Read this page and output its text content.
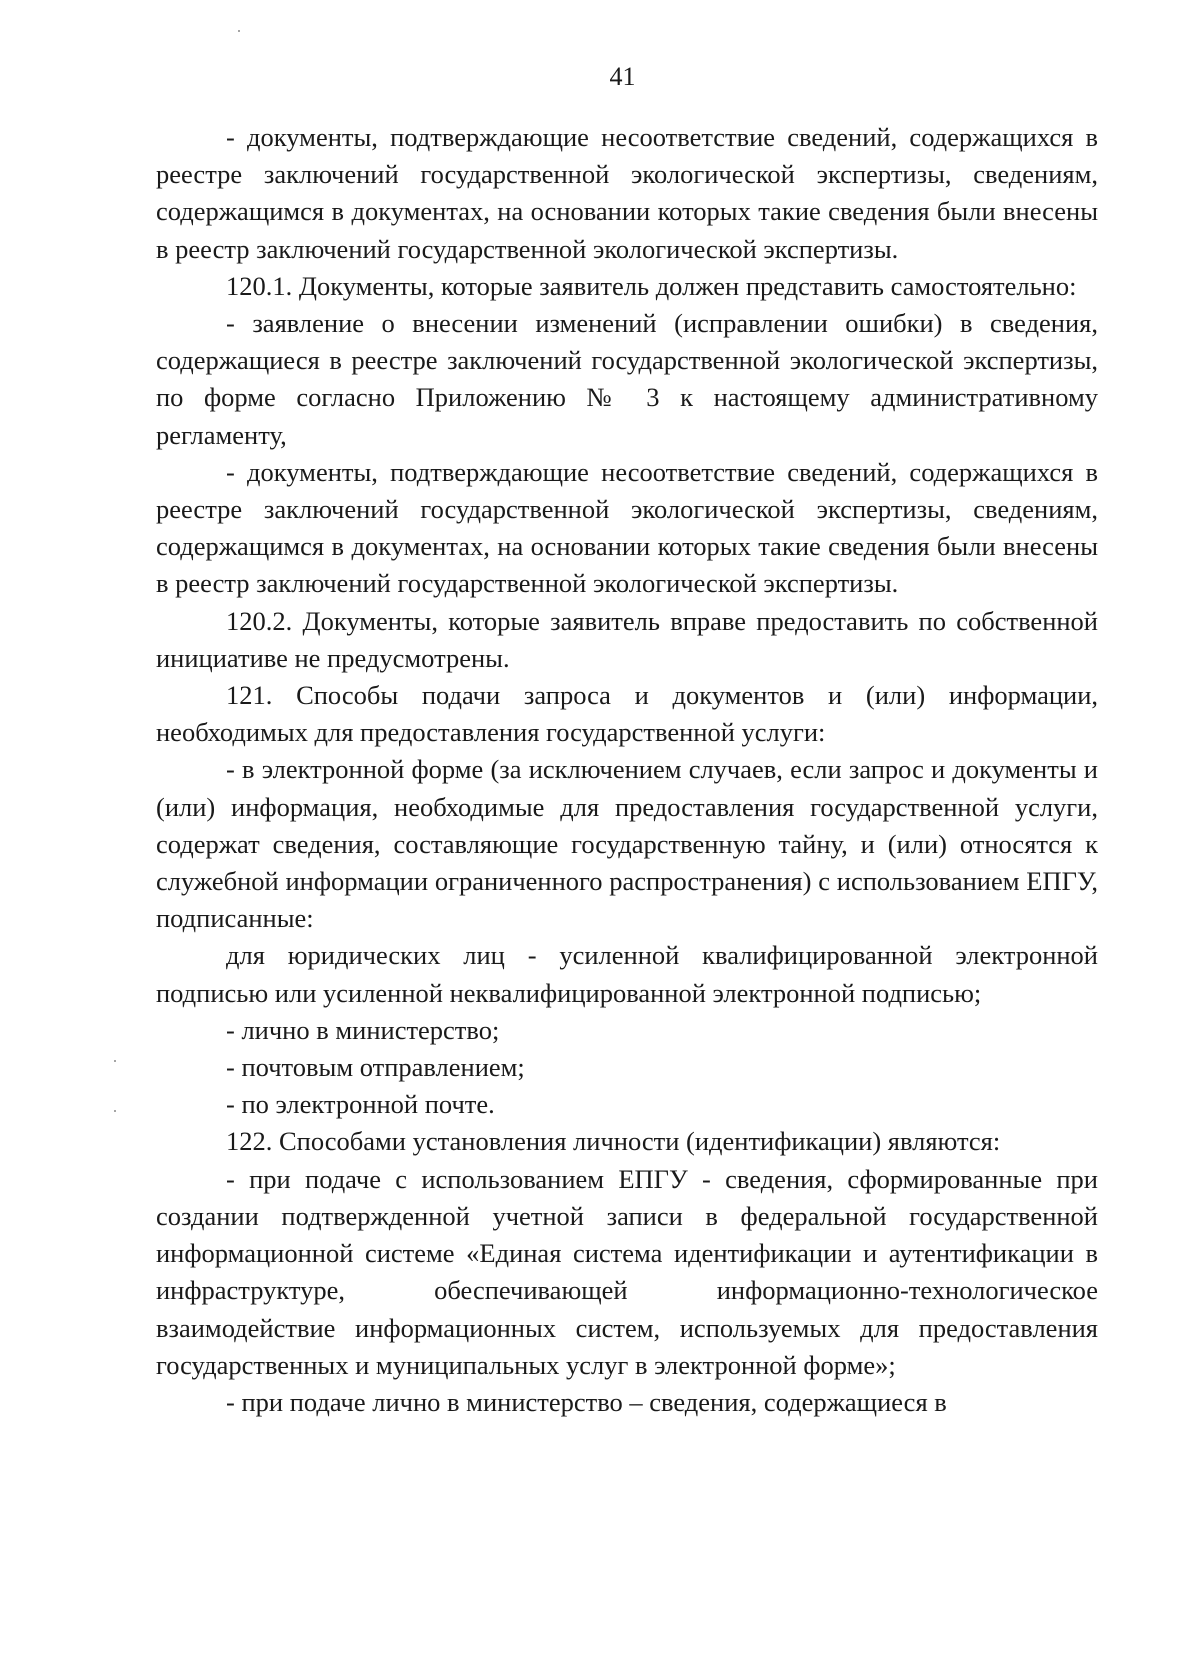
41

- документы, подтверждающие несоответствие сведений, содержащихся в реестре заключений государственной экологической экспертизы, сведениям, содержащимся в документах, на основании которых такие сведения были внесены в реестр заключений государственной экологической экспертизы.

120.1. Документы, которые заявитель должен представить самостоятельно:

- заявление о внесении изменений (исправлении ошибки) в сведения, содержащиеся в реестре заключений государственной экологической экспертизы, по форме согласно Приложению № 3 к настоящему административному регламенту,

- документы, подтверждающие несоответствие сведений, содержащихся в реестре заключений государственной экологической экспертизы, сведениям, содержащимся в документах, на основании которых такие сведения были внесены в реестр заключений государственной экологической экспертизы.

120.2. Документы, которые заявитель вправе предоставить по собственной инициативе не предусмотрены.

121. Способы подачи запроса и документов и (или) информации, необходимых для предоставления государственной услуги:

- в электронной форме (за исключением случаев, если запрос и документы и (или) информация, необходимые для предоставления государственной услуги, содержат сведения, составляющие государственную тайну, и (или) относятся к служебной информации ограниченного распространения) с использованием ЕПГУ, подписанные:

для юридических лиц - усиленной квалифицированной электронной подписью или усиленной неквалифицированной электронной подписью;

- лично в министерство;

- почтовым отправлением;

- по электронной почте.

122. Способами установления личности (идентификации) являются:

- при подаче с использованием ЕПГУ - сведения, сформированные при создании подтвержденной учетной записи в федеральной государственной информационной системе «Единая система идентификации и аутентификации в инфраструктуре, обеспечивающей информационно-технологическое взаимодействие информационных систем, используемых для предоставления государственных и муниципальных услуг в электронной форме»;

- при подаче лично в министерство – сведения, содержащиеся в
